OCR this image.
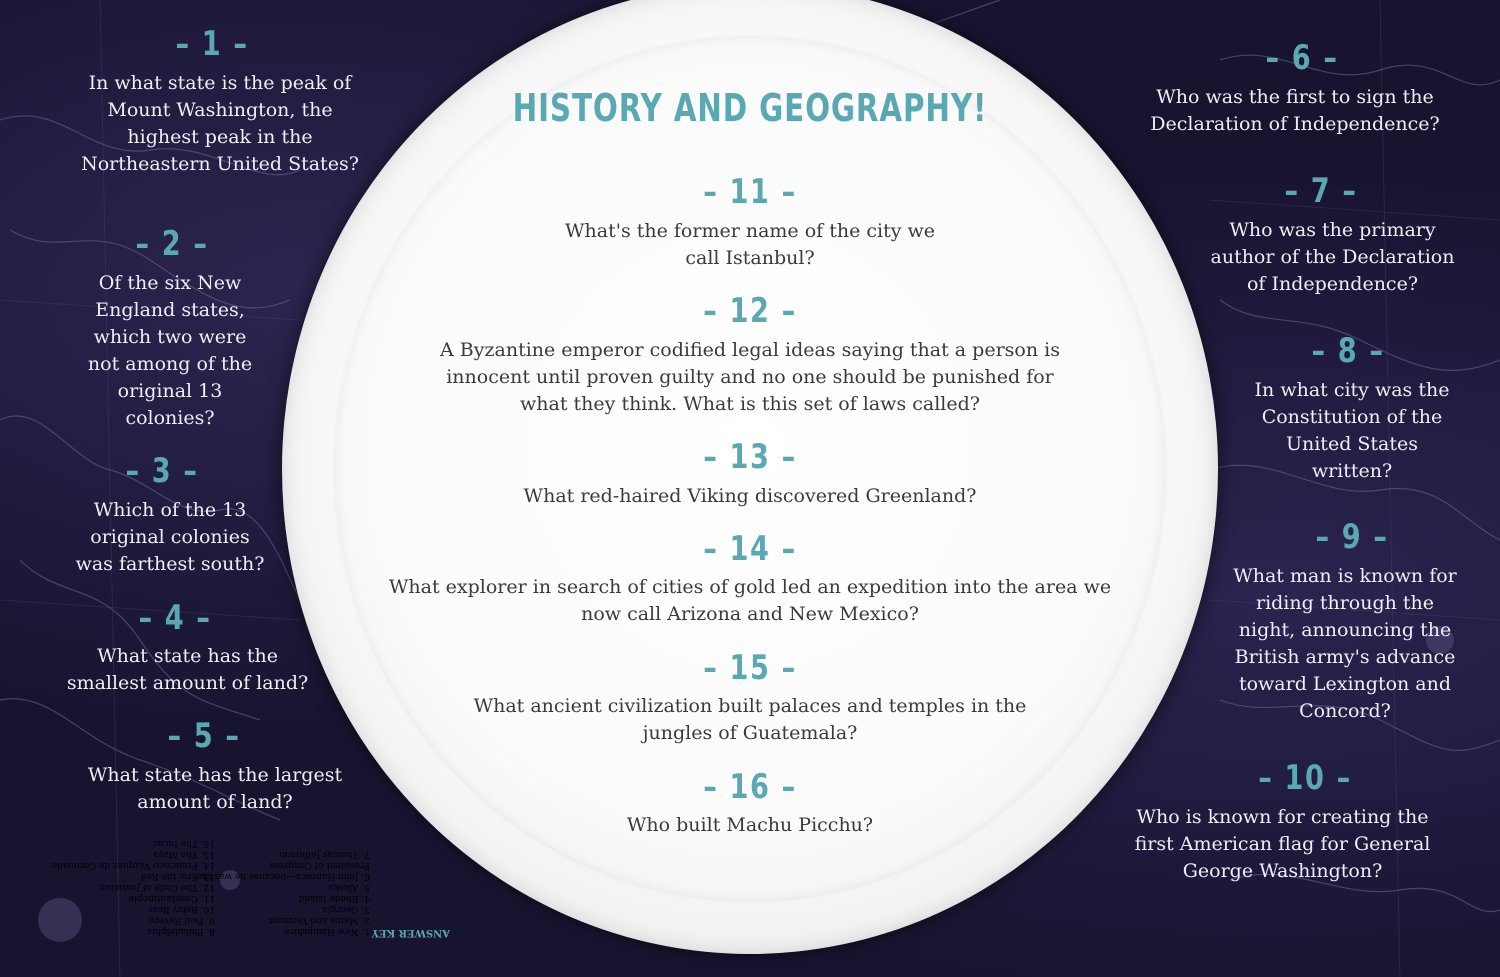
HISTORY AND GEOGRAPHY!
– 11 –
What's the former name of the city we call Istanbul?
– 12 –
A Byzantine emperor codified legal ideas saying that a person is innocent until proven guilty and no one should be punished for what they think. What is this set of laws called?
– 13 –
What red-haired Viking discovered Greenland?
– 14 –
What explorer in search of cities of gold led an expedition into the area we now call Arizona and New Mexico?
– 15 –
What ancient civilization built palaces and temples in the jungles of Guatemala?
– 16 –
Who built Machu Picchu?
– 1 –
In what state is the peak of Mount Washington, the highest peak in the Northeastern United States?
– 2 –
Of the six New England states, which two were not among of the original 13 colonies?
– 3 –
Which of the 13 original colonies was farthest south?
– 4 –
What state has the smallest amount of land?
– 5 –
What state has the largest amount of land?
– 6 –
Who was the first to sign the Declaration of Independence?
– 7 –
Who was the primary author of the Declaration of Independence?
– 8 –
In what city was the Constitution of the United States written?
– 9 –
What man is known for riding through the night, announcing the British army's advance toward Lexington and Concord?
– 10 –
Who is known for creating the first American flag for General George Washington?
ANSWER KEY
1. New Hampshire
2. Maine and Vermont
3. Georgia
4. Rhode Island
5. Alaska
6. John Hancock—because he was the
President of Congress
7. Thomas Jefferson
8. Philadelphia
9. Paul Revere
10. Betsy Ross
11. Constantinople
12. The Code of Justinian
13. Eric the Red
14. Francisco Vázquez de Coronado
15. The Maya
16. The Incas
